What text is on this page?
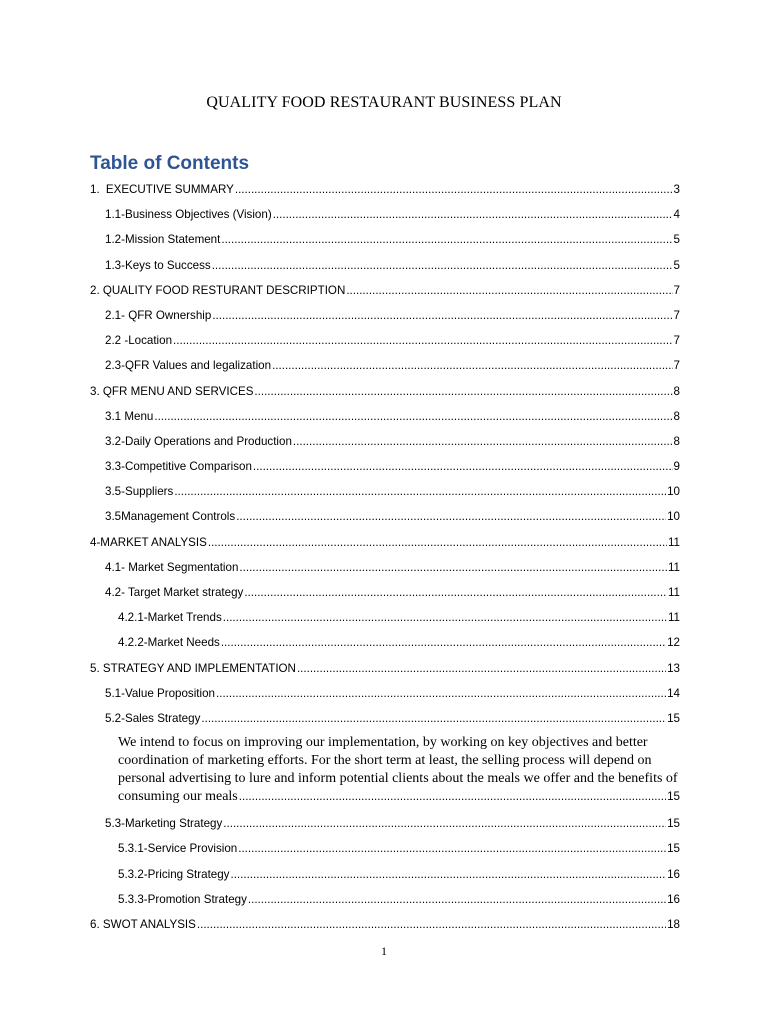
QUALITY FOOD RESTAURANT BUSINESS PLAN
Table of Contents
1. EXECUTIVE SUMMARY .....	3
1.1-Business Objectives (Vision) .....	4
1.2-Mission Statement .....	5
1.3-Keys to Success .....	5
2. QUALITY FOOD RESTURANT DESCRIPTION .....	7
2.1- QFR Ownership .....	7
2.2 -Location .....	7
2.3-QFR Values and legalization .....	7
3. QFR MENU AND SERVICES .....	8
3.1 Menu .....	8
3.2-Daily Operations and Production .....	8
3.3-Competitive Comparison .....	9
3.5-Suppliers .....	10
3.5Management Controls .....	10
4-MARKET ANALYSIS .....	11
4.1- Market Segmentation .....	11
4.2- Target Market strategy .....	11
4.2.1-Market Trends .....	11
4.2.2-Market Needs .....	12
5. STRATEGY AND IMPLEMENTATION .....	13
5.1-Value Proposition .....	14
5.2-Sales Strategy .....	15
We intend to focus on improving our implementation, by working on key objectives and better coordination of marketing efforts. For the short term at least, the selling process will depend on personal advertising to lure and inform potential clients about the meals we offer and the benefits of
consuming our meals .....	15
5.3-Marketing Strategy .....	15
5.3.1-Service Provision .....	15
5.3.2-Pricing Strategy .....	16
5.3.3-Promotion Strategy .....	16
6. SWOT ANALYSIS .....	18
1
